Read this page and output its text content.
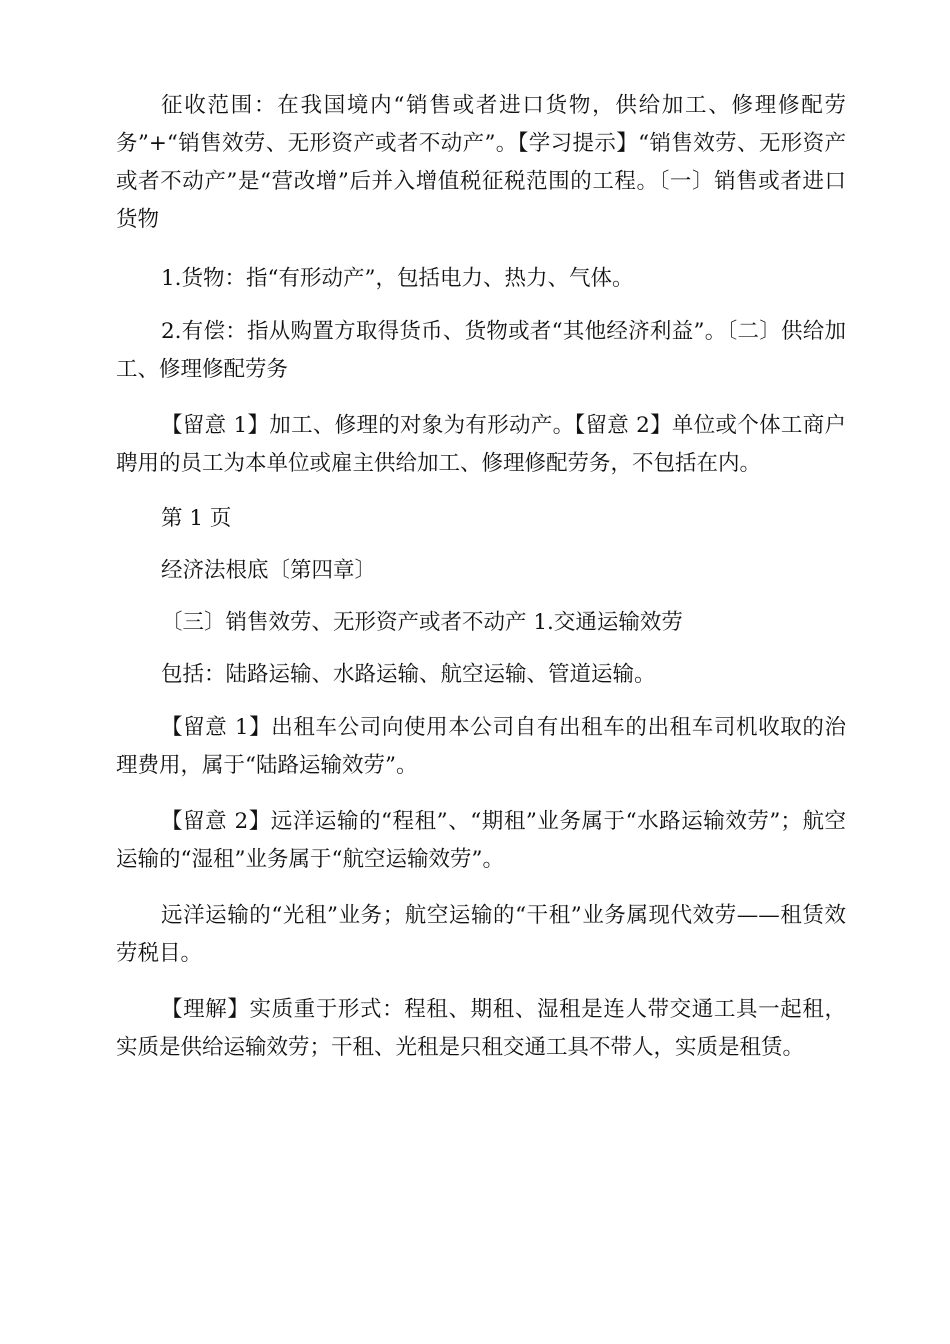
征收范围：在我国境内“销售或者进口货物，供给加工、修理修配劳务”+“销售效劳、无形资产或者不动产”。【学习提示】“销售效劳、无形资产或者不动产”是“营改增”后并入增值税征税范围的工程。〔一〕销售或者进口货物

1.货物：指“有形动产”，包括电力、热力、气体。

2.有偿：指从购置方取得货币、货物或者“其他经济利益”。〔二〕供给加工、修理修配劳务

【留意 1】加工、修理的对象为有形动产。【留意 2】单位或个体工商户聘用的员工为本单位或雇主供给加工、修理修配劳务，不包括在内。

第 1 页

经济法根底〔第四章〕

〔三〕销售效劳、无形资产或者不动产 1.交通运输效劳

包括：陆路运输、水路运输、航空运输、管道运输。

【留意 1】出租车公司向使用本公司自有出租车的出租车司机收取的治理费用，属于“陆路运输效劳”。

【留意 2】远洋运输的“程租”、“期租”业务属于“水路运输效劳”；航空运输的“湿租”业务属于“航空运输效劳”。

远洋运输的“光租”业务；航空运输的“干租”业务属现代效劳——租赁效劳税目。

【理解】实质重于形式：程租、期租、湿租是连人带交通工具一起租，实质是供给运输效劳；干租、光租是只租交通工具不带人，实质是租赁。
